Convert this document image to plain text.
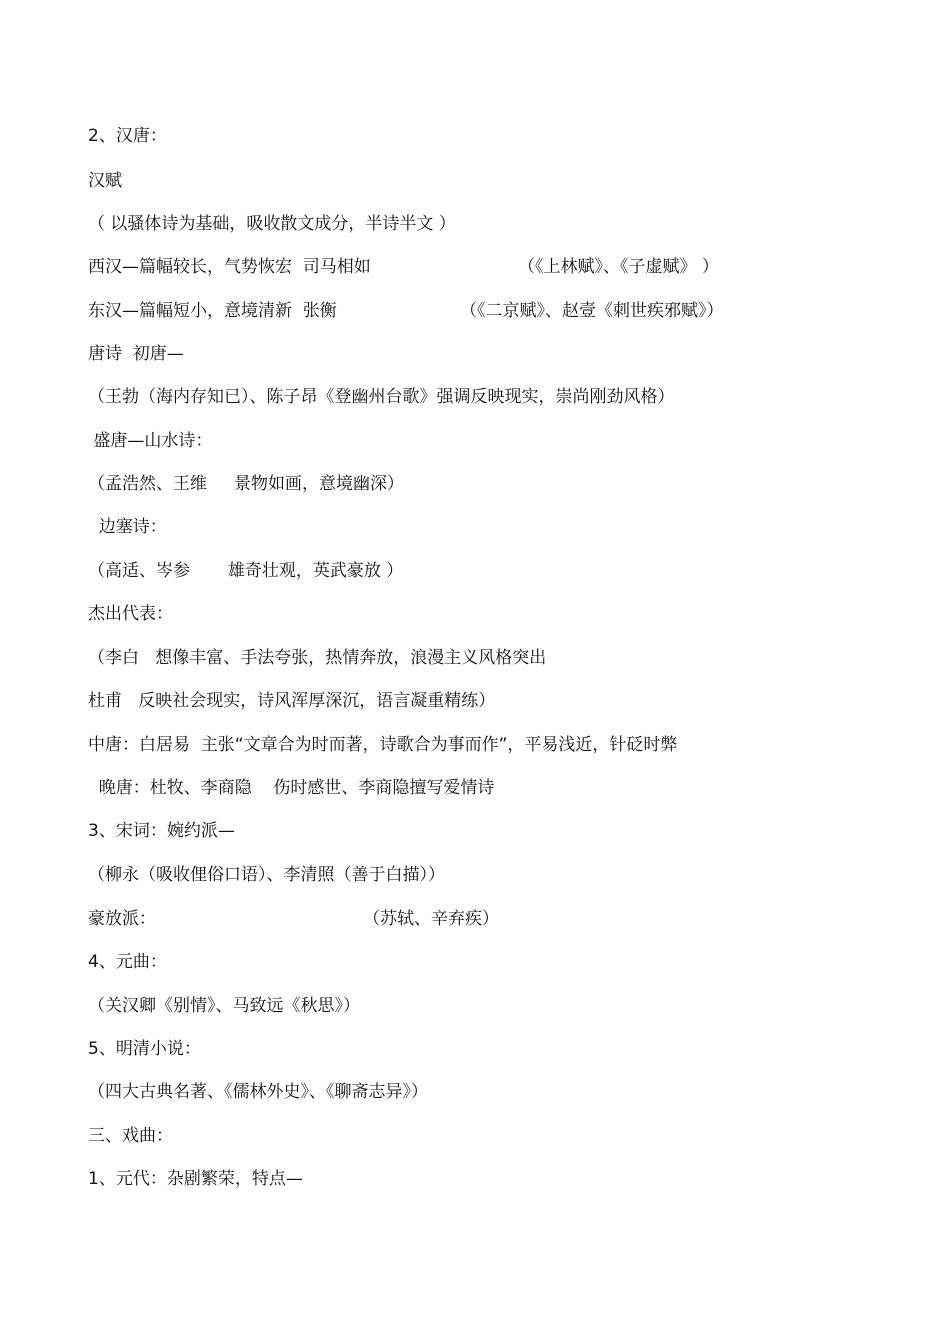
2、汉唐：
汉赋
（ 以骚体诗为基础，吸收散文成分，半诗半文 ）
西汉—篇幅较长，气势恢宏  司马相如	（《上林赋》、《子虚赋》 ）
东汉—篇幅短小，意境清新  张衡	（《二京赋》、赵壹《刺世疾邪赋》）
唐诗  初唐—
（王勃（海内存知已）、陈子昂《登幽州台歌》强调反映现实，崇尚刚劲风格）
盛唐—山水诗：
（孟浩然、王维     景物如画，意境幽深）
边塞诗：
（高适、岑参       雄奇壮观，英武豪放 ）
杰出代表：
（李白   想像丰富、手法夸张，热情奔放，浪漫主义风格突出
杜甫   反映社会现实，诗风浑厚深沉，语言凝重精练）
中唐：白居易  主张“文章合为时而著，诗歌合为事而作”，平易浅近，针砭时弊
晚唐：杜牧、李商隐    伤时感世、李商隐擅写爱情诗
3、宋词：婉约派—
（柳永（吸收俚俗口语）、李清照（善于白描））
豪放派：	（苏轼、辛弃疾）
4、元曲：
（关汉卿《别情》、马致远《秋思》）
5、明清小说：
（四大古典名著、《儒林外史》、《聊斋志异》）
三、戏曲：
1、元代：杂剧繁荣，特点—
